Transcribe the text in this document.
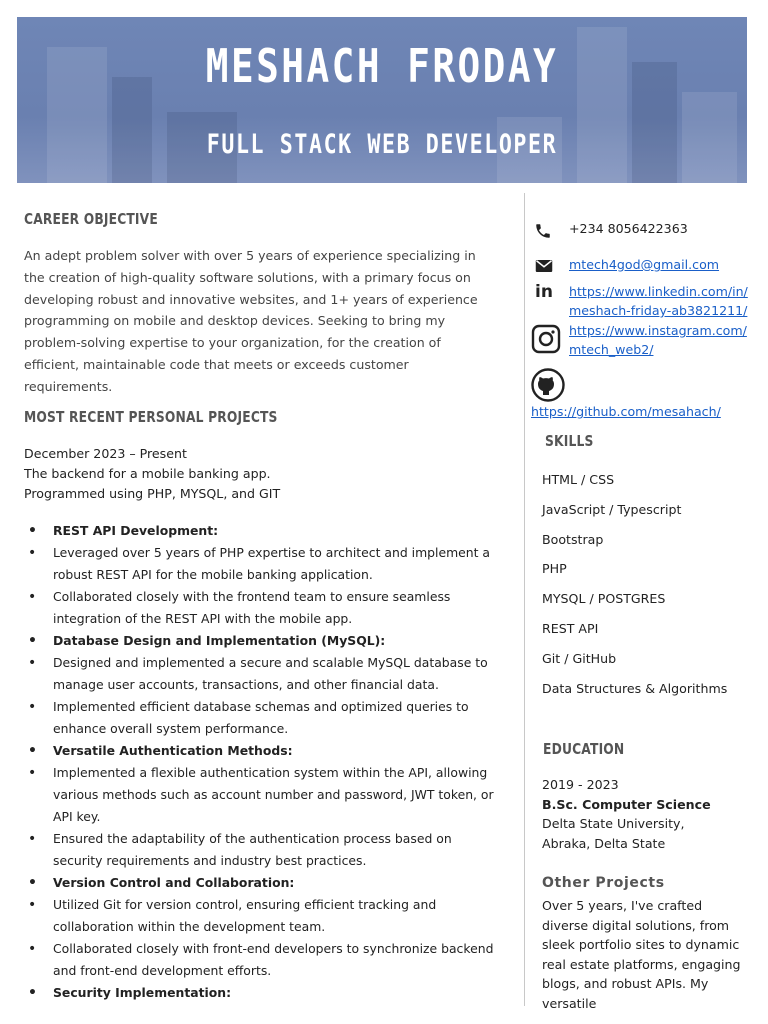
MESHACH FRODAY
FULL STACK WEB DEVELOPER
CAREER OBJECTIVE

An adept problem solver with over 5 years of experience specializing in the creation of high-quality software solutions, with a primary focus on developing robust and innovative websites, and 1+ years of experience programming on mobile and desktop devices. Seeking to bring my problem-solving expertise to your organization, for the creation of efficient, maintainable code that meets or exceeds customer requirements.

MOST RECENT PERSONAL PROJECTS
December 2023 – Present
The backend for a mobile banking app.
Programmed using PHP, MYSQL, and GIT
• REST API Development:
• Leveraged over 5 years of PHP expertise to architect and implement a robust REST API for the mobile banking application.
• Collaborated closely with the frontend team to ensure seamless integration of the REST API with the mobile app.
• Database Design and Implementation (MySQL):
• Designed and implemented a secure and scalable MySQL database to manage user accounts, transactions, and other financial data.
• Implemented efficient database schemas and optimized queries to enhance overall system performance.
• Versatile Authentication Methods:
• Implemented a flexible authentication system within the API, allowing various methods such as account number and password, JWT token, or API key.
• Ensured the adaptability of the authentication process based on security requirements and industry best practices.
• Version Control and Collaboration:
• Utilized Git for version control, ensuring efficient tracking and collaboration within the development team.
• Collaborated closely with front-end developers to synchronize backend and front-end development efforts.
• Security Implementation:
+234 8056422363
mtech4god@gmail.com
in https://www.linkedin.com/in/
meshach-friday-ab3821211/
https://www.instagram.com/
mtech_web2/
https://github.com/mesahach/
SKILLS
HTML / CSS
JavaScript / Typescript
Bootstrap
PHP
MYSQL / POSTGRES
REST API
Git / GitHub
Data Structures & Algorithms
EDUCATION
2019 - 2023
B.Sc. Computer Science
Delta State University,
Abraka, Delta State
Other Projects

Over 5 years, I've crafted diverse digital solutions, from sleek portfolio sites to dynamic real estate platforms, engaging blogs, and robust APIs. My versatile
